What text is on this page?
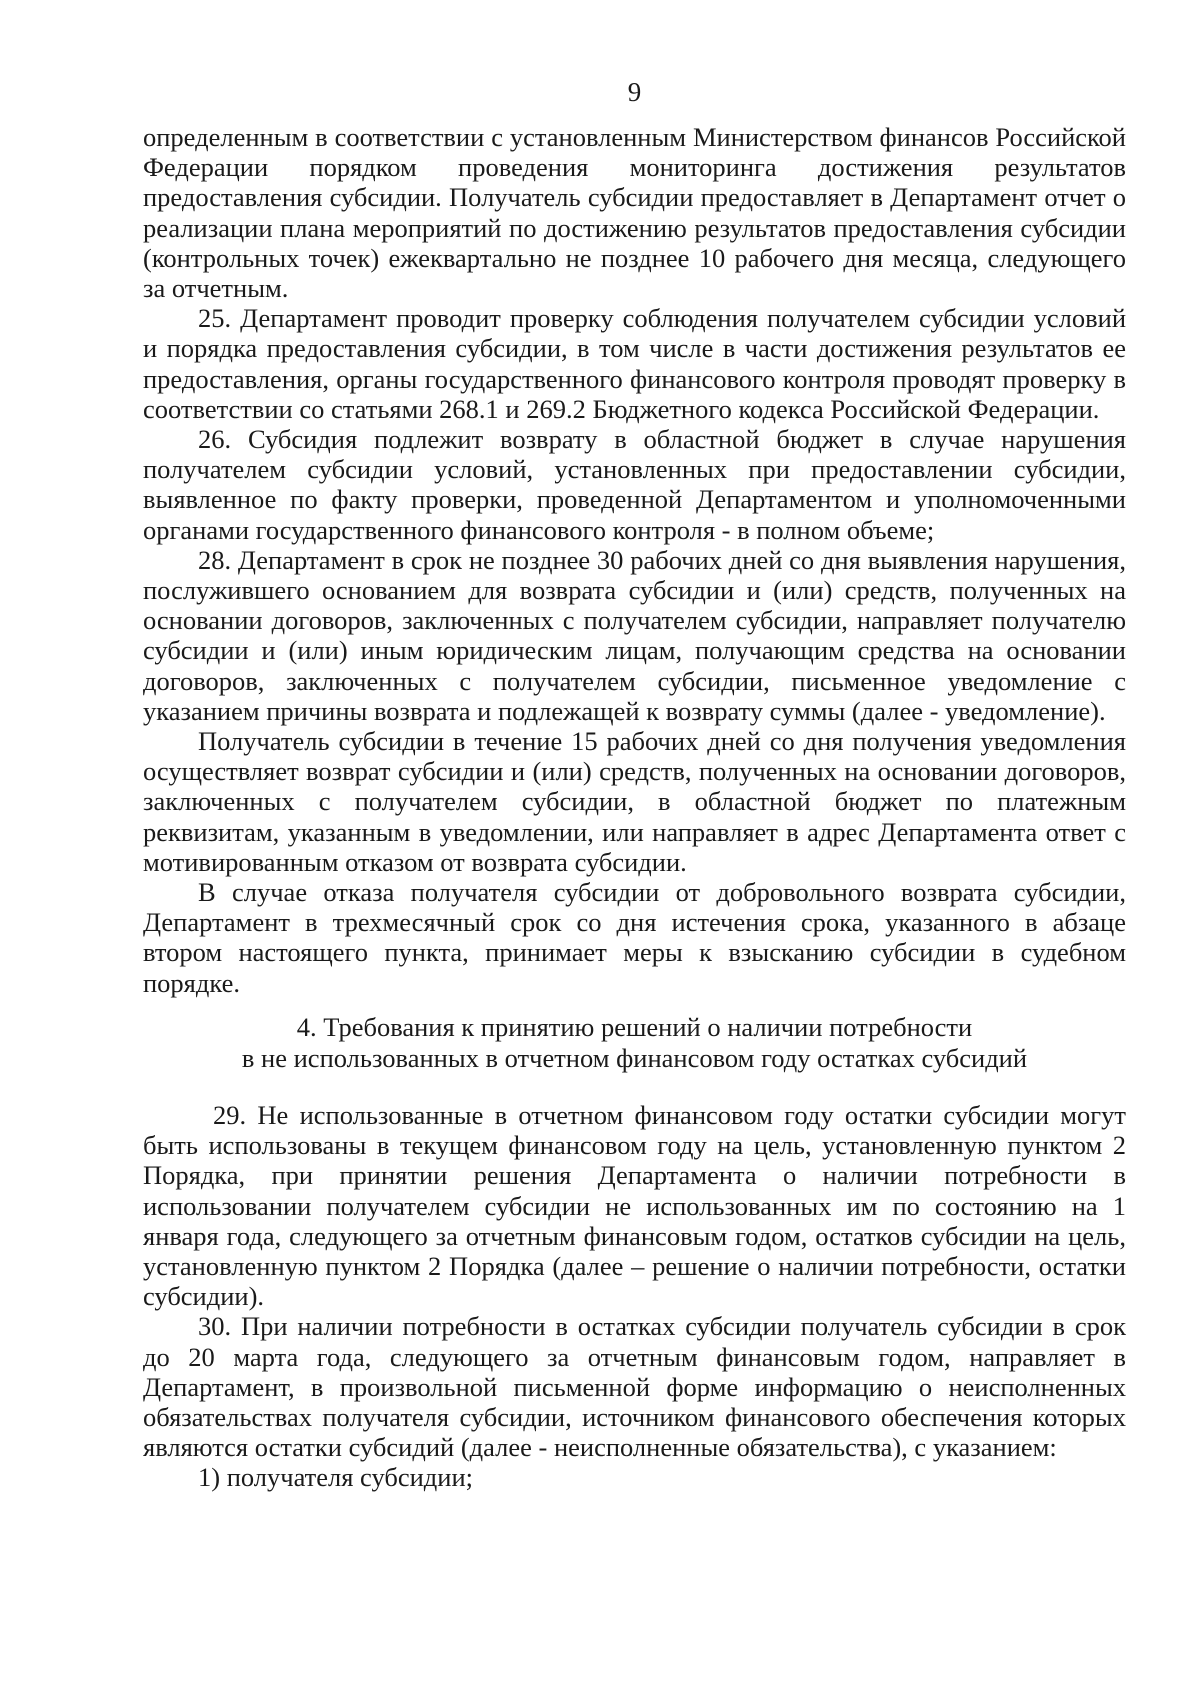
9

определенным в соответствии с установленным Министерством финансов Российской Федерации порядком проведения мониторинга достижения результатов предоставления субсидии. Получатель субсидии предоставляет в Департамент отчет о реализации плана мероприятий по достижению результатов предоставления субсидии (контрольных точек) ежеквартально не позднее 10 рабочего дня месяца, следующего за отчетным.

25. Департамент проводит проверку соблюдения получателем субсидии условий и порядка предоставления субсидии, в том числе в части достижения результатов ее предоставления, органы государственного финансового контроля проводят проверку в соответствии со статьями 268.1 и 269.2 Бюджетного кодекса Российской Федерации.

26. Субсидия подлежит возврату в областной бюджет в случае нарушения получателем субсидии условий, установленных при предоставлении субсидии, выявленное по факту проверки, проведенной Департаментом и уполномоченными органами государственного финансового контроля - в полном объеме;

28. Департамент в срок не позднее 30 рабочих дней со дня выявления нарушения, послужившего основанием для возврата субсидии и (или) средств, полученных на основании договоров, заключенных с получателем субсидии, направляет получателю субсидии и (или) иным юридическим лицам, получающим средства на основании договоров, заключенных с получателем субсидии, письменное уведомление с указанием причины возврата и подлежащей к возврату суммы (далее - уведомление).

Получатель субсидии в течение 15 рабочих дней со дня получения уведомления осуществляет возврат субсидии и (или) средств, полученных на основании договоров, заключенных с получателем субсидии, в областной бюджет по платежным реквизитам, указанным в уведомлении, или направляет в адрес Департамента ответ с мотивированным отказом от возврата субсидии.

В случае отказа получателя субсидии от добровольного возврата субсидии, Департамент в трехмесячный срок со дня истечения срока, указанного в абзаце втором настоящего пункта, принимает меры к взысканию субсидии в судебном порядке.

4. Требования к принятию решений о наличии потребности
в не использованных в отчетном финансовом году остатках субсидий

29. Не использованные в отчетном финансовом году остатки субсидии могут быть использованы в текущем финансовом году на цель, установленную пунктом 2 Порядка, при принятии решения Департамента о наличии потребности в использовании получателем субсидии не использованных им по состоянию на 1 января года, следующего за отчетным финансовым годом, остатков субсидии на цель, установленную пунктом 2 Порядка (далее – решение о наличии потребности, остатки субсидии).

30. При наличии потребности в остатках субсидии получатель субсидии в срок до 20 марта года, следующего за отчетным финансовым годом, направляет в Департамент, в произвольной письменной форме информацию о неисполненных обязательствах получателя субсидии, источником финансового обеспечения которых являются остатки субсидий (далее - неисполненные обязательства), с указанием:

1) получателя субсидии;
